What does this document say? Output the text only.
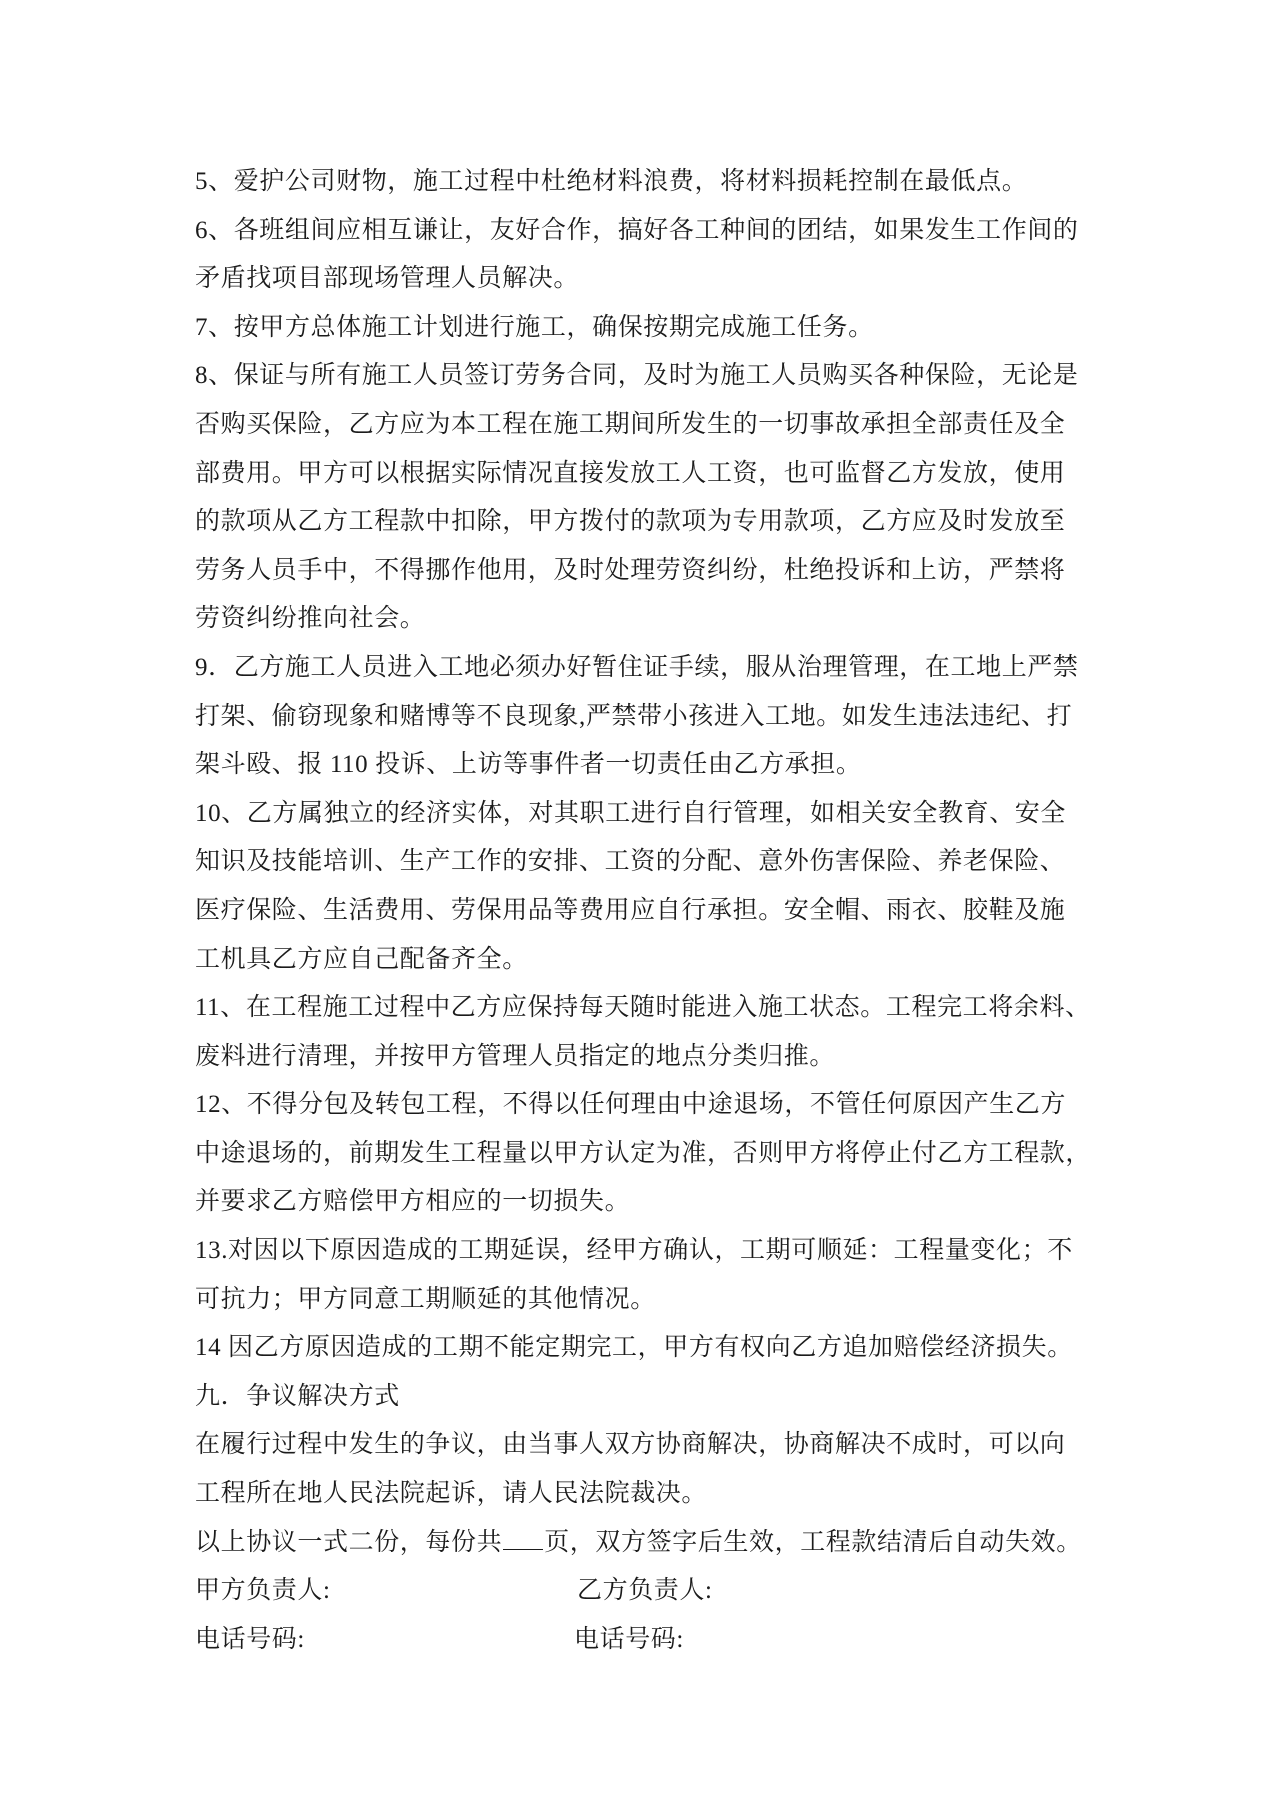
5、爱护公司财物，施工过程中杜绝材料浪费，将材料损耗控制在最低点。
6、各班组间应相互谦让，友好合作，搞好各工种间的团结，如果发生工作间的
矛盾找项目部现场管理人员解决。
7、按甲方总体施工计划进行施工，确保按期完成施工任务。
8、保证与所有施工人员签订劳务合同，及时为施工人员购买各种保险，无论是
否购买保险，乙方应为本工程在施工期间所发生的一切事故承担全部责任及全
部费用。甲方可以根据实际情况直接发放工人工资，也可监督乙方发放，使用
的款项从乙方工程款中扣除，甲方拨付的款项为专用款项，乙方应及时发放至
劳务人员手中，不得挪作他用，及时处理劳资纠纷，杜绝投诉和上访，严禁将
劳资纠纷推向社会。
9．乙方施工人员进入工地必须办好暂住证手续，服从治理管理，在工地上严禁
打架、偷窃现象和赌博等不良现象,严禁带小孩进入工地。如发生违法违纪、打
架斗殴、报 110 投诉、上访等事件者一切责任由乙方承担。
10、乙方属独立的经济实体，对其职工进行自行管理，如相关安全教育、安全
知识及技能培训、生产工作的安排、工资的分配、意外伤害保险、养老保险、
医疗保险、生活费用、劳保用品等费用应自行承担。安全帽、雨衣、胶鞋及施
工机具乙方应自己配备齐全。
11、在工程施工过程中乙方应保持每天随时能进入施工状态。工程完工将余料、
废料进行清理，并按甲方管理人员指定的地点分类归推。
12、不得分包及转包工程，不得以任何理由中途退场，不管任何原因产生乙方
中途退场的，前期发生工程量以甲方认定为准，否则甲方将停止付乙方工程款，
并要求乙方赔偿甲方相应的一切损失。
13.对因以下原因造成的工期延误，经甲方确认，工期可顺延：工程量变化；不
可抗力；甲方同意工期顺延的其他情况。
14 因乙方原因造成的工期不能定期完工，甲方有权向乙方追加赔偿经济损失。
九．争议解决方式
在履行过程中发生的争议，由当事人双方协商解决，协商解决不成时，可以向
工程所在地人民法院起诉，请人民法院裁决。
以上协议一式二份，每份共 页，双方签字后生效，工程款结清后自动失效。
甲方负责人:	乙方负责人:
电话号码:	电话号码:
